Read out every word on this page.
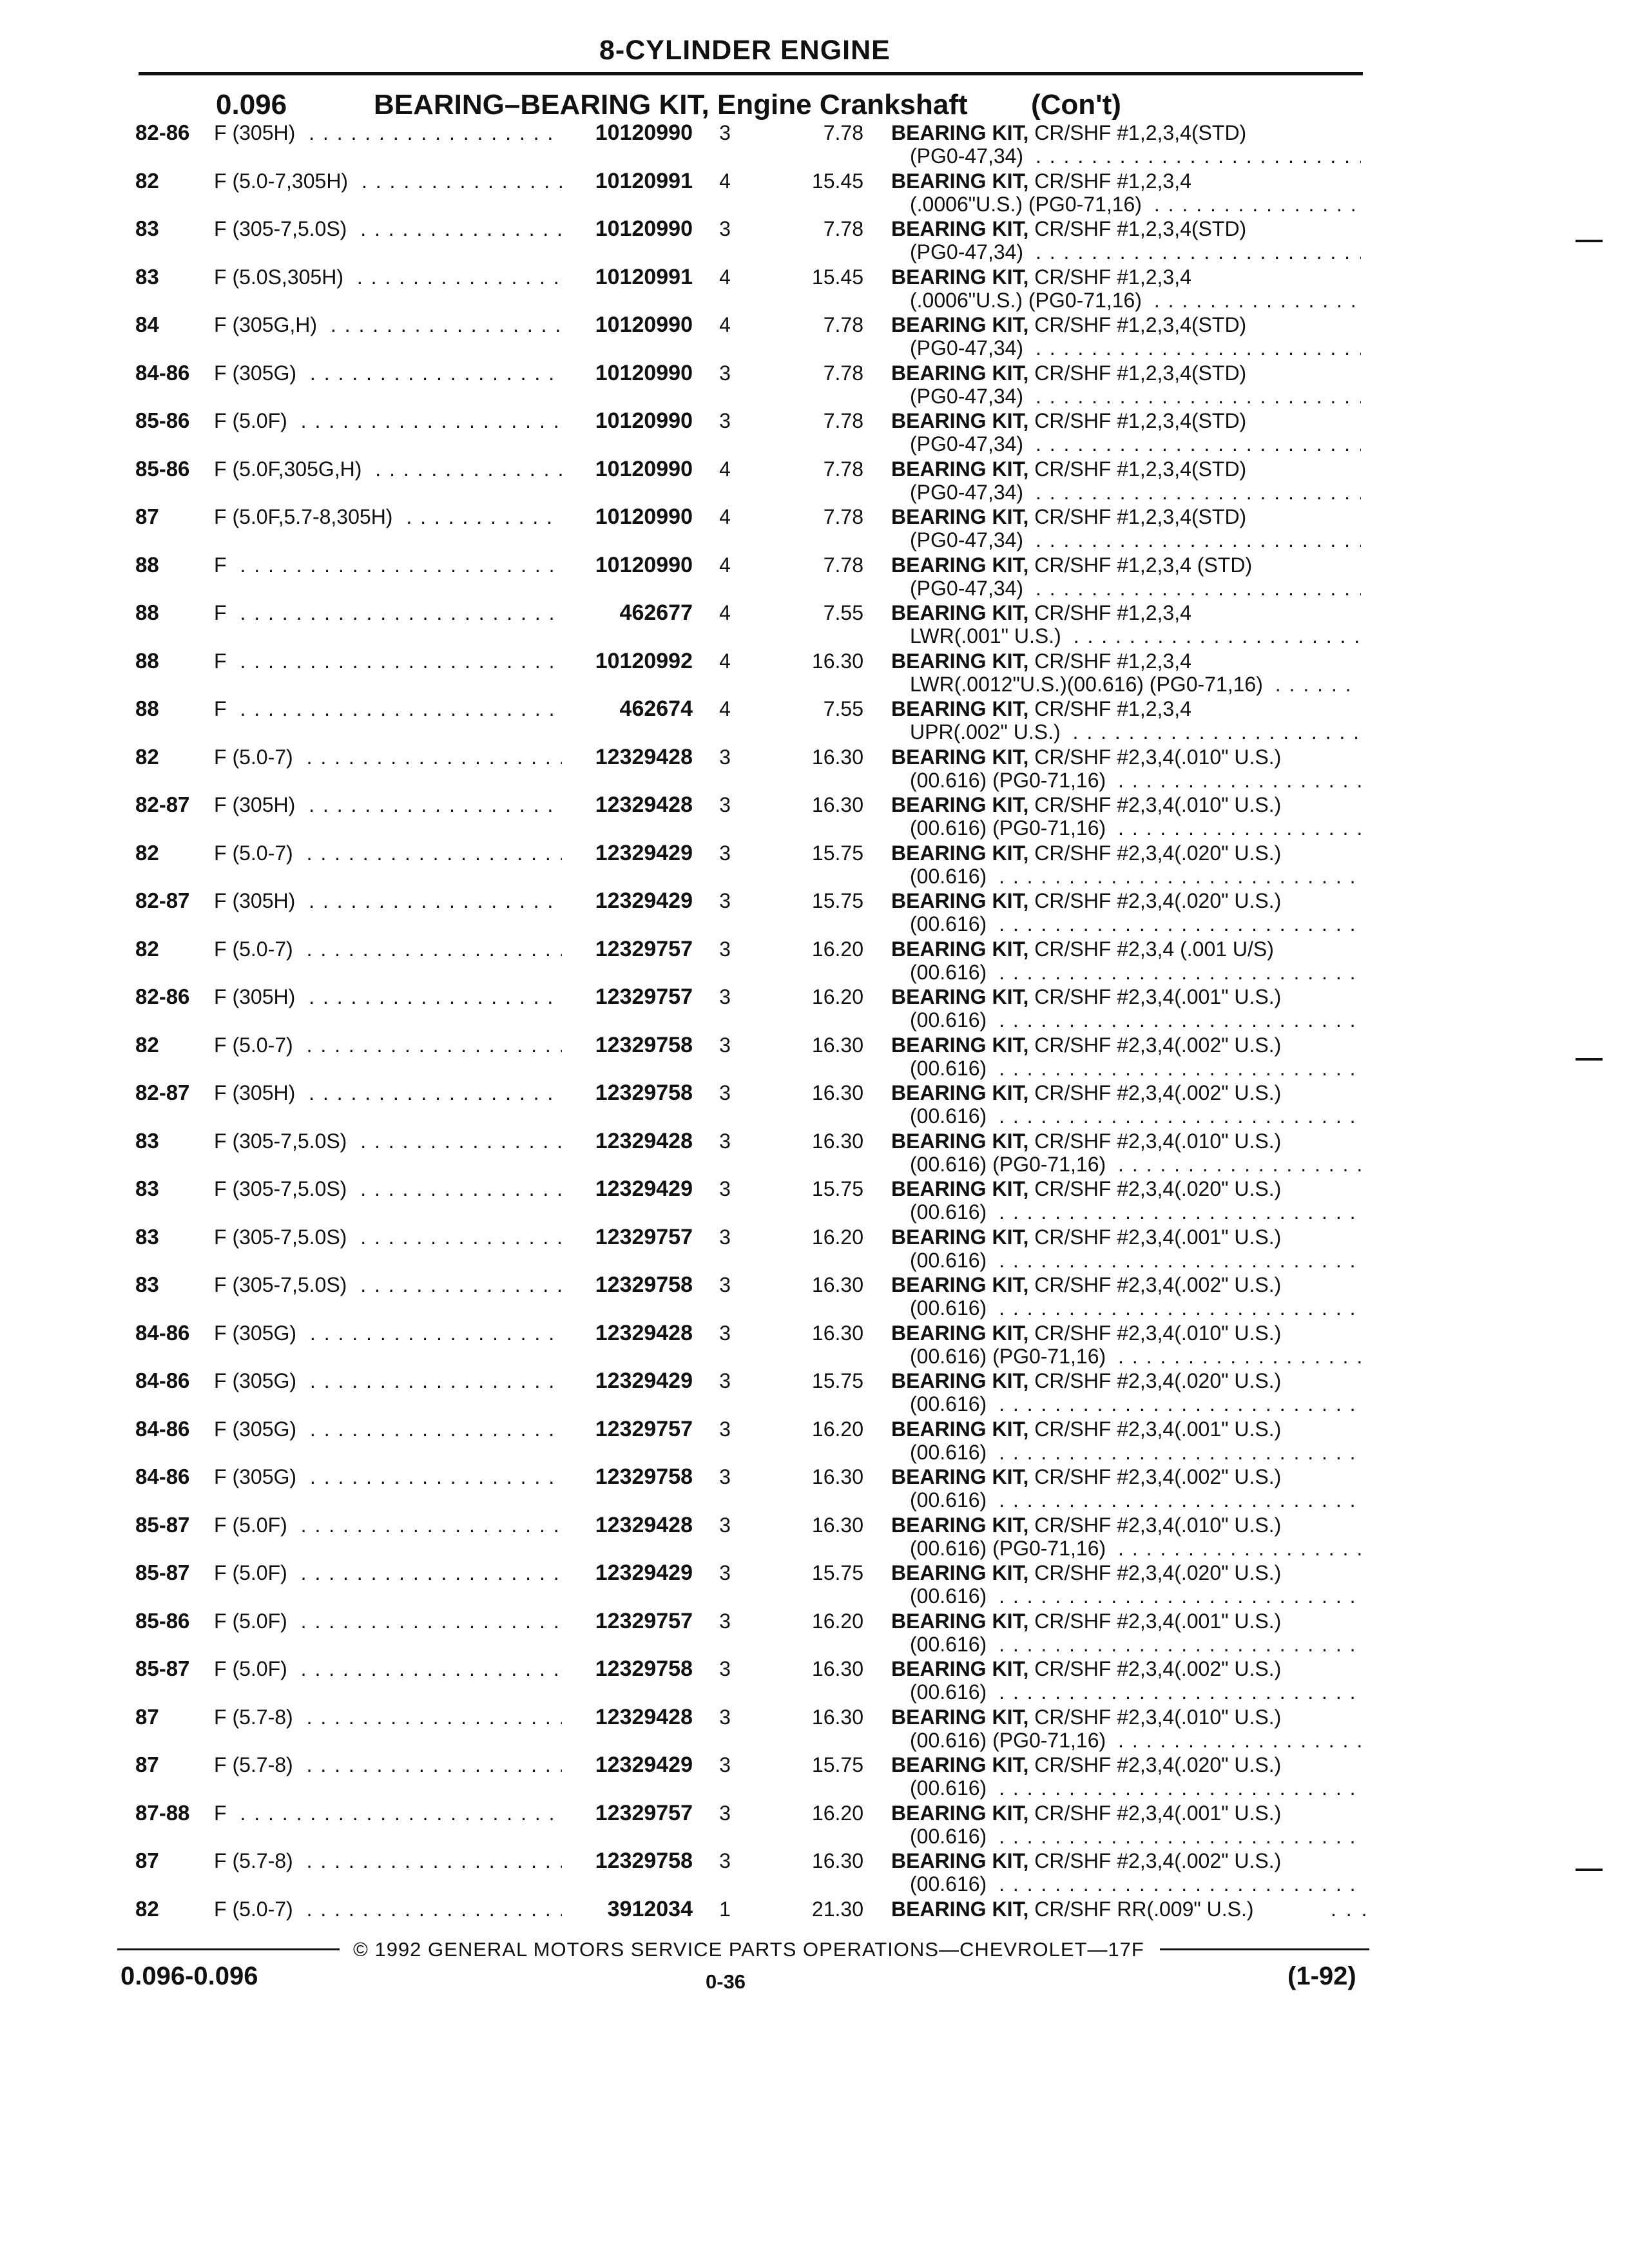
8-CYLINDER ENGINE
0.096	BEARING–BEARING KIT, Engine Crankshaft (Con't)
82-86 F (305H) . . .	10120990 3	7.78 BEARING KIT, CR/SHF #1,2,3,4(STD)
(PG0-47,34) . . .
82	F (5.0-7,305H) . . .	10120991 4	15.45 BEARING KIT, CR/SHF #1,2,3,4
(.0006"U.S.) (PG0-71,16) . . .
83	F (305-7,5.0S) . . .	10120990 3	7.78 BEARING KIT, CR/SHF #1,2,3,4(STD)
(PG0-47,34) . . .
83	F (5.0S,305H) . . .	10120991 4	15.45 BEARING KIT, CR/SHF #1,2,3,4
(.0006"U.S.) (PG0-71,16) . . .
84	F (305G,H) . . .	10120990 4	7.78 BEARING KIT, CR/SHF #1,2,3,4(STD)
(PG0-47,34) . . .
84-86 F (305G) . . .	10120990 3	7.78 BEARING KIT, CR/SHF #1,2,3,4(STD)
(PG0-47,34) . . .
85-86 F (5.0F) . . .	10120990 3	7.78 BEARING KIT, CR/SHF #1,2,3,4(STD)
(PG0-47,34) . . .
85-86 F (5.0F,305G,H) . . .	10120990 4	7.78 BEARING KIT, CR/SHF #1,2,3,4(STD)
(PG0-47,34) . . .
87	F (5.0F,5.7-8,305H) . . .	10120990 4	7.78 BEARING KIT, CR/SHF #1,2,3,4(STD)
(PG0-47,34) . . .
88	F . . .	10120990 4	7.78 BEARING KIT, CR/SHF #1,2,3,4 (STD)
(PG0-47,34) . . .
88	F . . .	462677 4	7.55 BEARING KIT, CR/SHF #1,2,3,4
LWR(.001" U.S.) . . .
88	F . . .	10120992 4	16.30 BEARING KIT, CR/SHF #1,2,3,4
LWR(.0012"U.S.)(00.616) (PG0-71,16) . . .
88	F . . .	462674 4	7.55 BEARING KIT, CR/SHF #1,2,3,4
UPR(.002" U.S.) . . .
82	F (5.0-7) . . .	12329428 3	16.30 BEARING KIT, CR/SHF #2,3,4(.010" U.S.)
(00.616) (PG0-71,16) . . .
82-87 F (305H) . . .	12329428 3	16.30 BEARING KIT, CR/SHF #2,3,4(.010" U.S.)
(00.616) (PG0-71,16) . . .
82	F (5.0-7) . . .	12329429 3	15.75 BEARING KIT, CR/SHF #2,3,4(.020" U.S.)
(00.616) . . .
82-87 F (305H) . . .	12329429 3	15.75 BEARING KIT, CR/SHF #2,3,4(.020" U.S.)
(00.616) . . .
82	F (5.0-7) . . .	12329757 3	16.20 BEARING KIT, CR/SHF #2,3,4 (.001 U/S)
(00.616) . . .
82-86 F (305H) . . .	12329757 3	16.20 BEARING KIT, CR/SHF #2,3,4(.001" U.S.)
(00.616) . . .
82	F (5.0-7) . . .	12329758 3	16.30 BEARING KIT, CR/SHF #2,3,4(.002" U.S.)
(00.616) . . .
82-87 F (305H) . . .	12329758 3	16.30 BEARING KIT, CR/SHF #2,3,4(.002" U.S.)
(00.616) . . .
83	F (305-7,5.0S) . . .	12329428 3	16.30 BEARING KIT, CR/SHF #2,3,4(.010" U.S.)
(00.616) (PG0-71,16) . . .
83	F (305-7,5.0S) . . .	12329429 3	15.75 BEARING KIT, CR/SHF #2,3,4(.020" U.S.)
(00.616) . . .
83	F (305-7,5.0S) . . .	12329757 3	16.20 BEARING KIT, CR/SHF #2,3,4(.001" U.S.)
(00.616) . . .
83	F (305-7,5.0S) . . .	12329758 3	16.30 BEARING KIT, CR/SHF #2,3,4(.002" U.S.)
(00.616) . . .
84-86 F (305G) . . .	12329428 3	16.30 BEARING KIT, CR/SHF #2,3,4(.010" U.S.)
(00.616) (PG0-71,16) . . .
84-86 F (305G) . . .	12329429 3	15.75 BEARING KIT, CR/SHF #2,3,4(.020" U.S.)
(00.616) . . .
84-86 F (305G) . . .	12329757 3	16.20 BEARING KIT, CR/SHF #2,3,4(.001" U.S.)
(00.616) . . .
84-86 F (305G) . . .	12329758 3	16.30 BEARING KIT, CR/SHF #2,3,4(.002" U.S.)
(00.616) . . .
85-87 F (5.0F) . . .	12329428 3	16.30 BEARING KIT, CR/SHF #2,3,4(.010" U.S.)
(00.616) (PG0-71,16) . . .
85-87 F (5.0F) . . .	12329429 3	15.75 BEARING KIT, CR/SHF #2,3,4(.020" U.S.)
(00.616) . . .
85-86 F (5.0F) . . .	12329757 3	16.20 BEARING KIT, CR/SHF #2,3,4(.001" U.S.)
(00.616) . . .
85-87 F (5.0F) . . .	12329758 3	16.30 BEARING KIT, CR/SHF #2,3,4(.002" U.S.)
(00.616) . . .
87	F (5.7-8) . . .	12329428 3	16.30 BEARING KIT, CR/SHF #2,3,4(.010" U.S.)
(00.616) (PG0-71,16) . . .
87	F (5.7-8) . . .	12329429 3	15.75 BEARING KIT, CR/SHF #2,3,4(.020" U.S.)
(00.616) . . .
87-88 F . . .	12329757 3	16.20 BEARING KIT, CR/SHF #2,3,4(.001" U.S.)
(00.616) . . .
87	F (5.7-8) . . .	12329758 3	16.30 BEARING KIT, CR/SHF #2,3,4(.002" U.S.)
(00.616) . . .
82	F (5.0-7) . . .	3912034 1	21.30 BEARING KIT, CR/SHF RR(.009" U.S.)	. . .
© 1992 GENERAL MOTORS SERVICE PARTS OPERATIONS—CHEVROLET—17F
0.096-0.096	0-36	(1-92)
